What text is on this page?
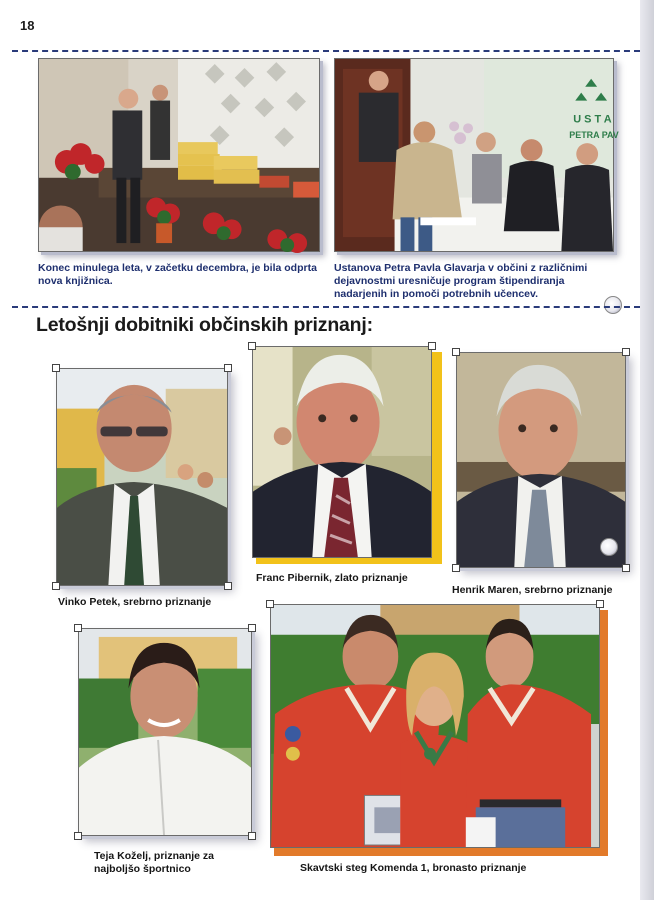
18
Konec minulega leta, v začetku decembra, je bila odprta nova knjižnica.
U S T A
PETRA PAV
Ustanova Petra Pavla Glavarja v občini z različnimi dejavnostmi uresničuje program štipendiranja nadarjenih in pomoči potrebnih učencev.
Letošnji dobitniki občinskih priznanj:
Vinko Petek, srebrno priznanje
Franc Pibernik, zlato priznanje
Henrik Maren, srebrno priznanje
Teja Koželj, priznanje za
najboljšo športnico	Skavtski steg Komenda 1, bronasto priznanje
